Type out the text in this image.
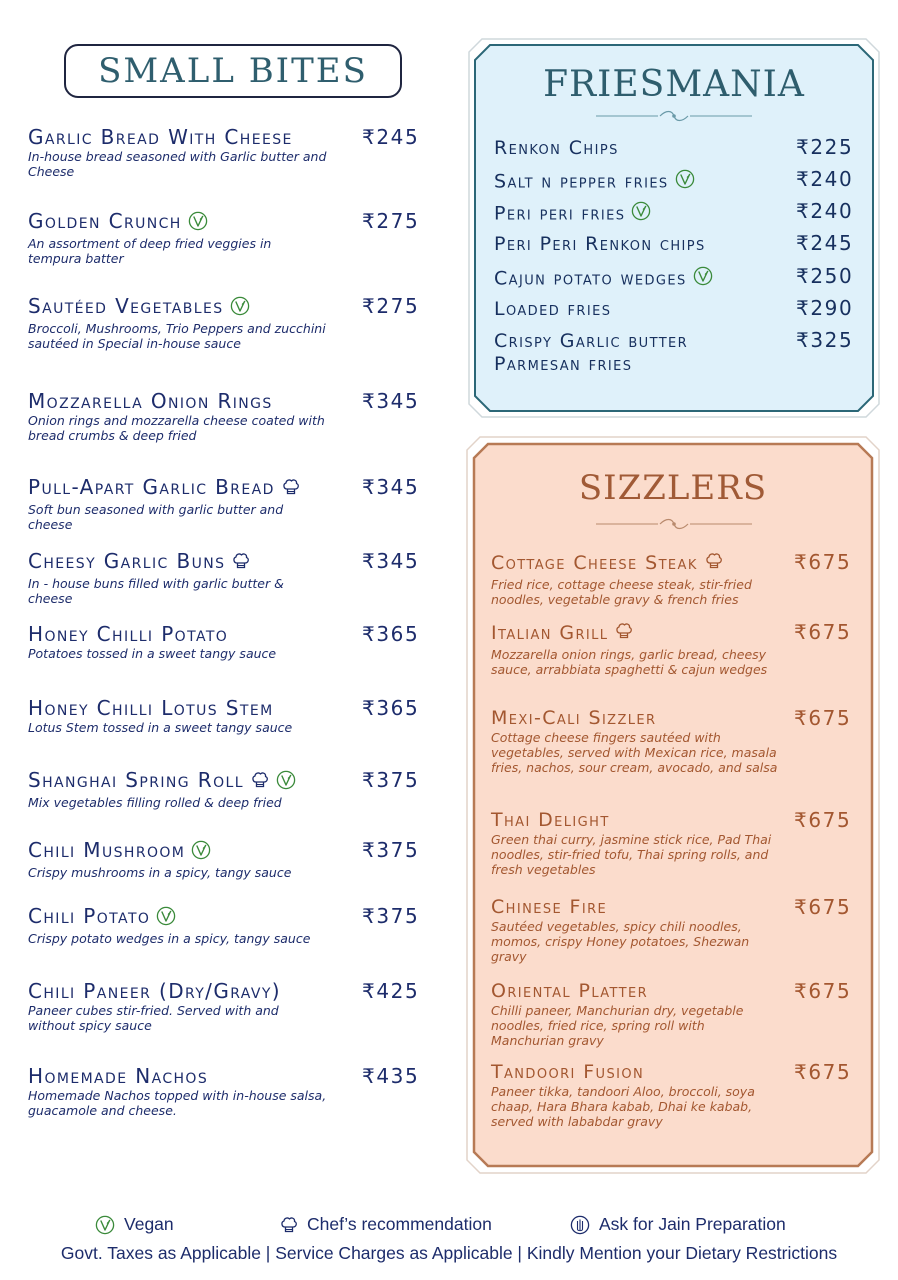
SMALL BITES
Garlic Bread With Cheese
In-house bread seasoned with Garlic butter and Cheese
₹245
Golden Crunch
An assortment of deep fried veggies in tempura batter
₹275
Sautéed Vegetables
Broccoli, Mushrooms, Trio Peppers and zucchini sautéed in Special in-house sauce
₹275
Mozzarella Onion Rings
Onion rings and mozzarella cheese coated with bread crumbs & deep fried
₹345
Pull-Apart Garlic Bread
Soft bun seasoned with garlic butter and cheese
₹345
Cheesy Garlic Buns
In - house buns filled with garlic butter & cheese
₹345
Honey Chilli Potato
Potatoes tossed in a sweet tangy sauce
₹365
Honey Chilli Lotus Stem
Lotus Stem tossed in a sweet tangy sauce
₹365
Shanghai Spring Roll
Mix vegetables filling rolled & deep fried
₹375
Chili Mushroom
Crispy mushrooms in a spicy, tangy sauce
₹375
Chili Potato
Crispy potato wedges in a spicy, tangy sauce
₹375
Chili Paneer (Dry/Gravy)
Paneer cubes stir-fried. Served with and without spicy sauce
₹425
Homemade Nachos
Homemade Nachos topped with in-house salsa, guacamole and cheese.
₹435
FRIESMANIA
Renkon Chips	₹225
Salt n pepper fries	₹240
Peri peri fries	₹240
Peri Peri Renkon chips	₹245
Cajun potato wedges	₹250
Loaded fries	₹290
Crispy Garlic butter
Parmesan fries
₹325
SIZZLERS
Cottage Cheese Steak
Fried rice, cottage cheese steak, stir-fried noodles, vegetable gravy & french fries
₹675
Italian Grill
Mozzarella onion rings, garlic bread, cheesy sauce, arrabbiata spaghetti & cajun wedges
₹675
Mexi-Cali Sizzler
Cottage cheese fingers sautéed with vegetables, served with Mexican rice, masala fries, nachos, sour cream, avocado, and salsa
₹675
Thai Delight
Green thai curry, jasmine stick rice, Pad Thai noodles, stir-fried tofu, Thai spring rolls, and fresh vegetables
₹675
Chinese Fire
Sautéed vegetables, spicy chili noodles, momos, crispy Honey potatoes, Shezwan gravy
₹675
Oriental Platter
Chilli paneer, Manchurian dry, vegetable noodles, fried rice, spring roll with Manchurian gravy
₹675
Tandoori Fusion
Paneer tikka, tandoori Aloo, broccoli, soya chaap, Hara Bhara kabab, Dhai ke kabab, served with lababdar gravy
₹675
Vegan	Chef’s recommendation	Ask for Jain Preparation
Govt. Taxes as Applicable | Service Charges as Applicable | Kindly Mention your Dietary Restrictions
